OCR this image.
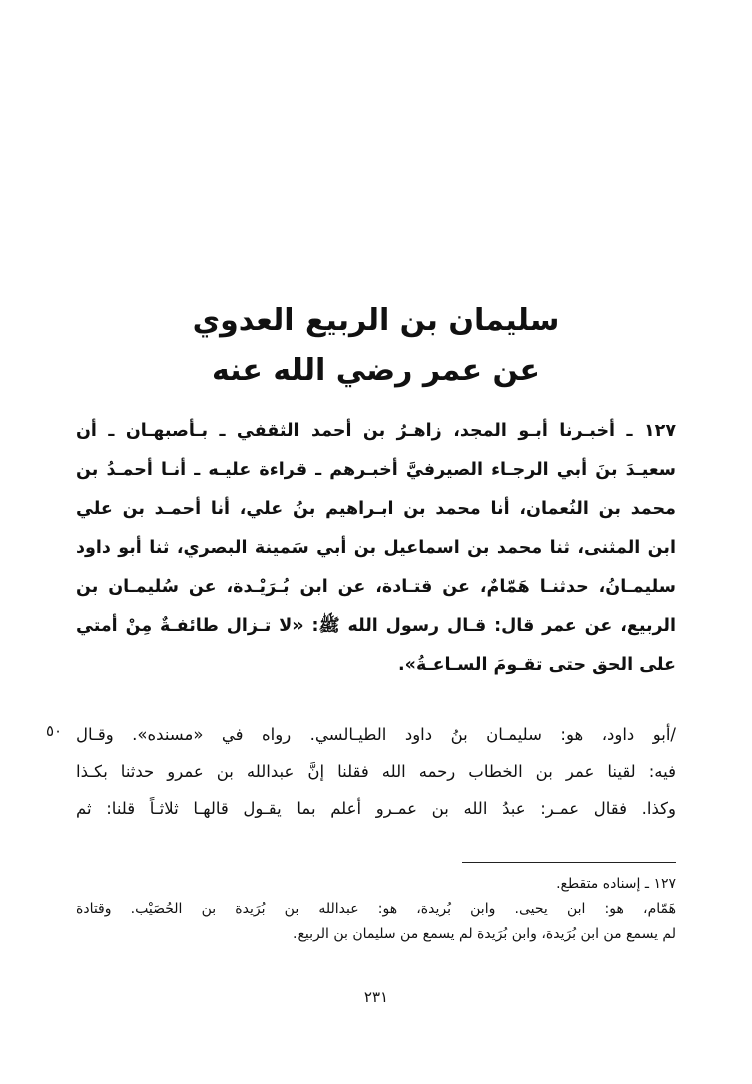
سليمان بن الربيع العدوي
عن عمر رضي الله عنه
١٢٧ ـ أخبـرنا أبـو المجد، زاهـرُ بن أحمد الثقفي ـ بـأصبهـان ـ أن
سعيـدَ بنَ أبي الرجـاء الصيرفيَّ أخبـرهم ـ قراءة عليـه ـ أنـا أحمـدُ بن
محمد بن النُعمان، أنا محمد بن ابـراهيم بنُ علي، أنا أحمـد بن علي
ابن المثنى، ثنا محمد بن اسماعيل بن أبي سَمينة البصري، ثنا أبو داود
سليمـانُ، حدثنـا هَمّامٌ، عن قتـادة، عن ابن بُـرَيْـدة، عن سُليمـان بن
الربيع، عن عمر قال: قـال رسول الله ﷺ: «لا تـزال طائفـةٌ مِنْ أمتي
على الحق حتى تقـومَ السـاعـةُ».
٥٠ /أبو داود، هو: سليمـان بنُ داود الطيـالسي. رواه في «مسنده». وقـال
فيه: لقينا عمر بن الخطاب رحمه الله فقلنا إنَّ عبدالله بن عمرو حدثنا بكـذا
وكذا. فقال عمـر: عبدُ الله بن عمـرو أعلم بما يقـول قالهـا ثلاثـاً قلنا: ثم
١٢٧ ـ إسناده متقطع.
هَمّام، هو: ابن يحيى. وابن بُريدة، هو: عبدالله بن بُرَيدة بن الحُصَيْب. وقتادة
لم يسمع من ابن بُرَيدة، وابن بُرَيدة لم يسمع من سليمان بن الربيع.
٢٣١
